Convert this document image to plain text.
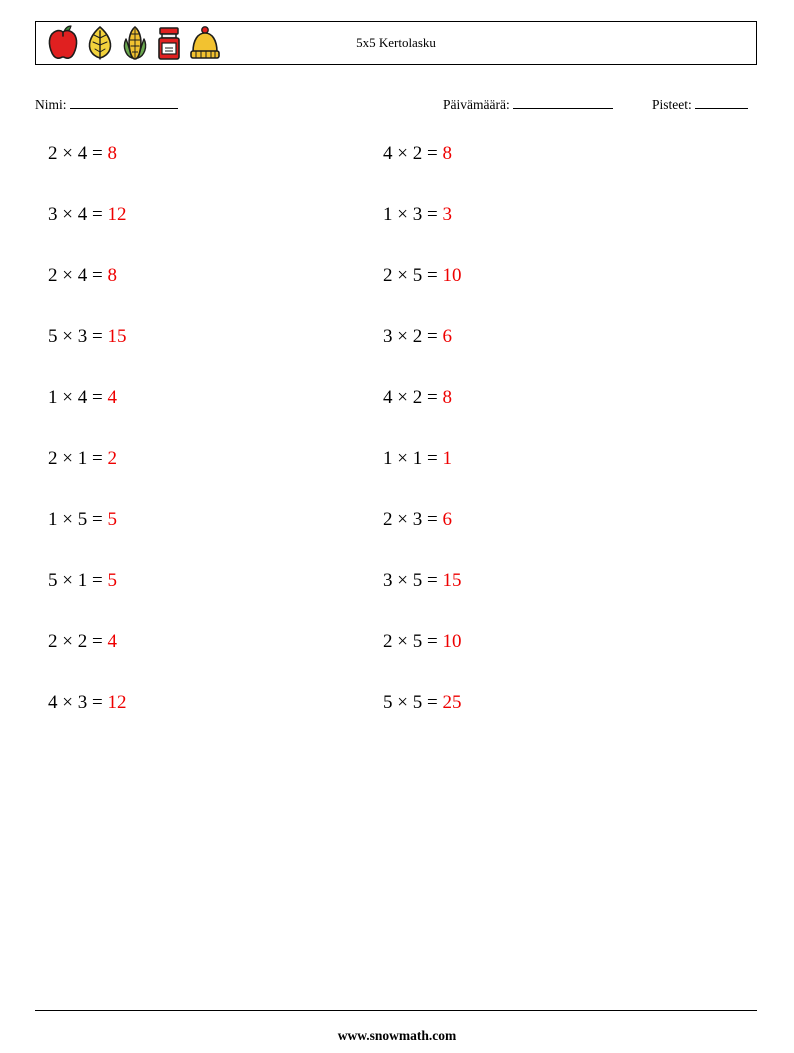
5x5 Kertolasku
Nimi:	Päivämäärä:	Pisteet:
2 × 4 = 8
3 × 4 = 12
2 × 4 = 8
5 × 3 = 15
1 × 4 = 4
2 × 1 = 2
1 × 5 = 5
5 × 1 = 5
2 × 2 = 4
4 × 3 = 12
4 × 2 = 8
1 × 3 = 3
2 × 5 = 10
3 × 2 = 6
4 × 2 = 8
1 × 1 = 1
2 × 3 = 6
3 × 5 = 15
2 × 5 = 10
5 × 5 = 25
www.snowmath.com
